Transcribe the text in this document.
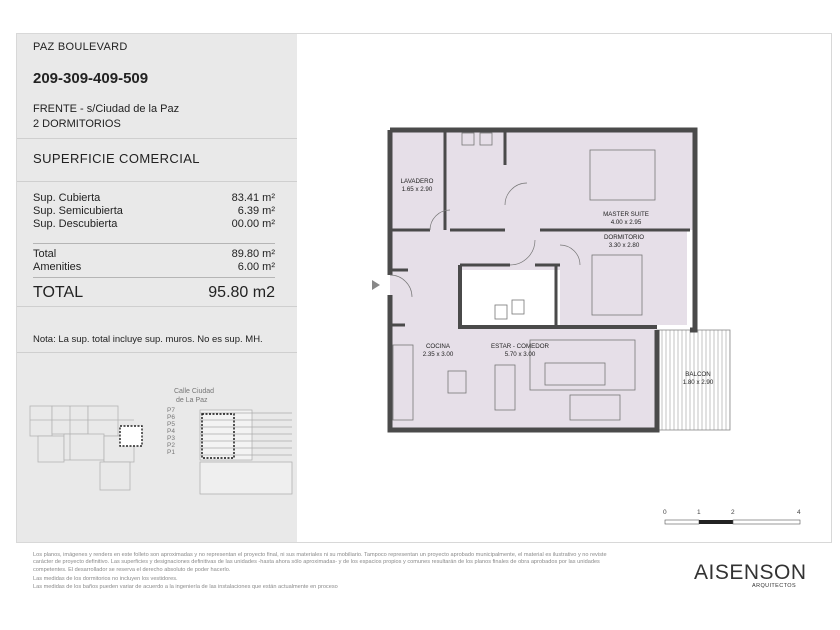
PAZ BOULEVARD
209-309-409-509
FRENTE - s/Ciudad de la Paz
2 DORMITORIOS
SUPERFICIE COMERCIAL
Sup. Cubierta	83.41 m²
Sup. Semicubierta	6.39 m²
Sup. Descubierta	00.00 m²
Total	89.80 m²
Amenities	6.00 m²
TOTAL	95.80 m2
Nota: La sup. total incluye sup. muros. No es sup. MH.
Calle Ciudad
de La Paz
P7
P6
P5
P4
P3
P2
P1
LAVADERO
1.65 x 2.90
MASTER SUITE
4.00 x 2.95
DORMITORIO
3.30 x 2.80
COCINA
2.35 x 3.00
ESTAR - COMEDOR
5.70 x 3.00
BALCON
1.80 x 2.90
0	1	2	4

Los planos, imágenes y renders en este folleto son aproximadas y no representan el proyecto final, ni sus materiales ni su mobiliario. Tampoco representan un proyecto aprobado municipalmente, el material es ilustrativo y no reviste

carácter de proyecto definitivo. Las superficies y designaciones definitivas de las unidades -hasta ahora sólo aproximadas- y de los espacios propios y comunes resultarán de los planos finales de obra aprobados por las unidades

competentes. El desarrollador se reserva el derecho absoluto de poder hacerlo.

Las medidas de los dormitorios no incluyen los vestidores.

Las medidas de los baños pueden variar de acuerdo a la ingeniería de las instalaciones que están actualmente en proceso

AISENSON
ARQUITECTOS
